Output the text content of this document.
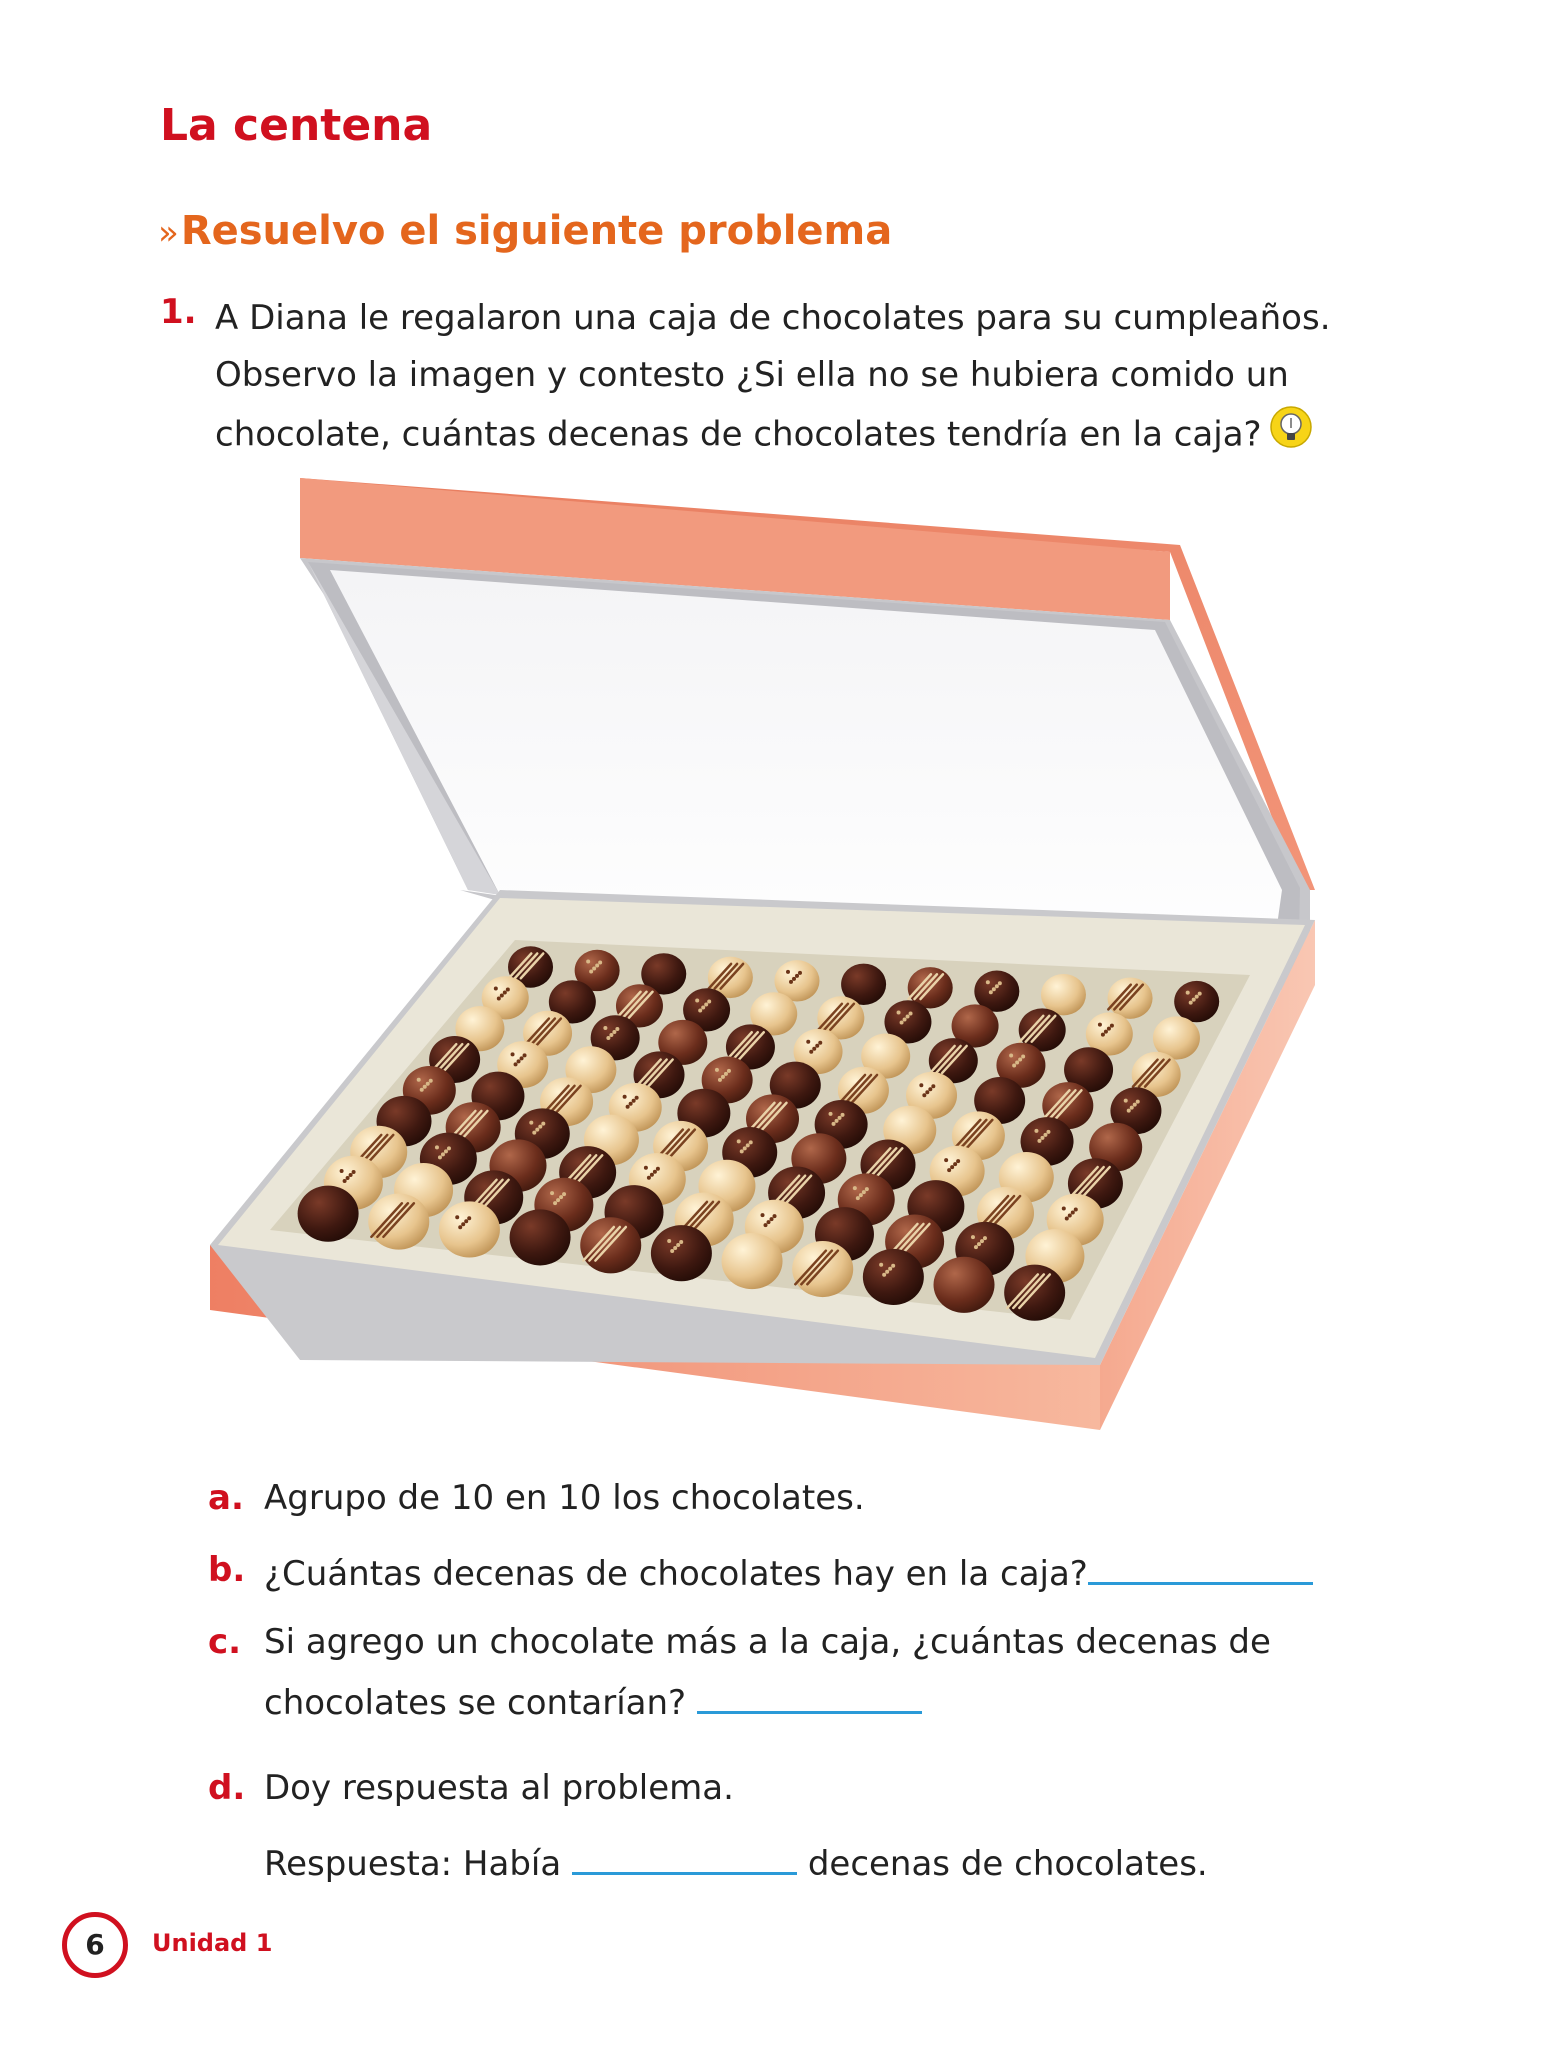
La centena
»Resuelvo el siguiente problema
1. A Diana le regalaron una caja de chocolates para su cumpleaños. Observo la imagen y contesto ¿Si ella no se hubiera comido un chocolate, cuántas decenas de chocolates tendría en la caja?
a. Agrupo de 10 en 10 los chocolates.
b. ¿Cuántas decenas de chocolates hay en la caja?
c. Si agrego un chocolate más a la caja, ¿cuántas decenas de chocolates se contarían?
d. Doy respuesta al problema.
Respuesta: Había	decenas de chocolates.
6	Unidad 1
